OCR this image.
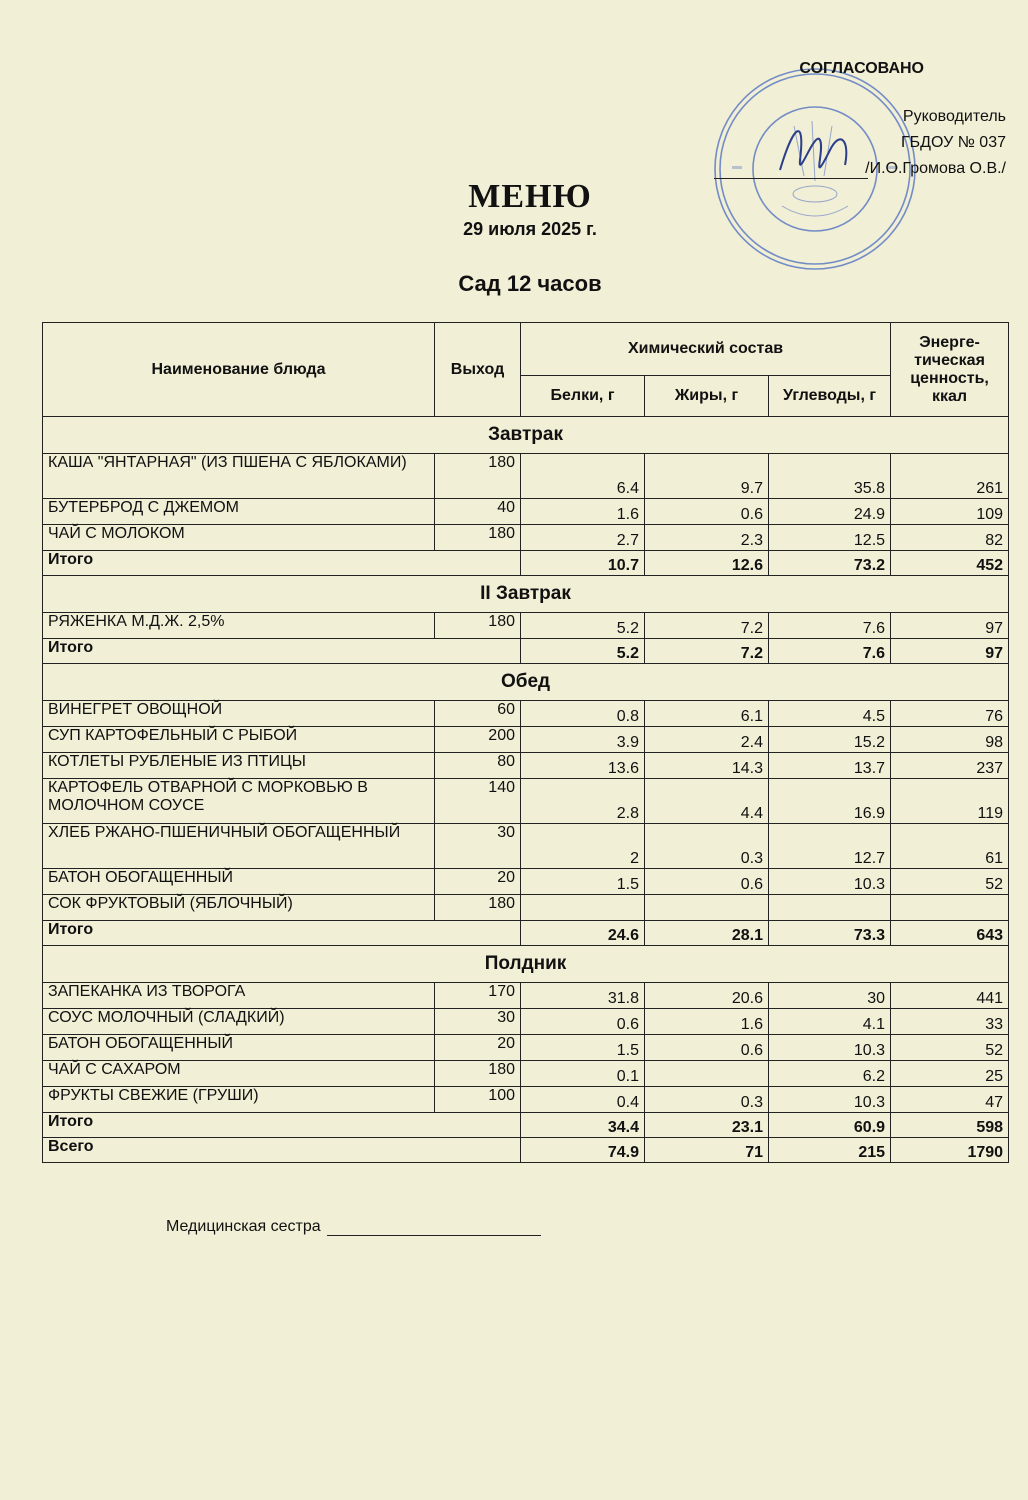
СОГЛАСОВАНО
Руководитель
ГБДОУ № 037
/И.О.Громова О.В./
МЕНЮ
29 июля 2025 г.
Сад 12 часов
Наименование блюда	Выход	Химический состав			Энерге-тическая ценность, ккал
		Белки, г	Жиры, г	Углеводы, г	
Завтрак					
КАША "ЯНТАРНАЯ" (ИЗ ПШЕНА С ЯБЛОКАМИ)	180	6.4	9.7	35.8	261
БУТЕРБРОД С ДЖЕМОМ	40	1.6	0.6	24.9	109
ЧАЙ С МОЛОКОМ	180	2.7	2.3	12.5	82
Итого		10.7	12.6	73.2	452
II Завтрак					
РЯЖЕНКА М.Д.Ж. 2,5%	180	5.2	7.2	7.6	97
Итого		5.2	7.2	7.6	97
Обед					
ВИНЕГРЕТ ОВОЩНОЙ	60	0.8	6.1	4.5	76
СУП КАРТОФЕЛЬНЫЙ С РЫБОЙ	200	3.9	2.4	15.2	98
КОТЛЕТЫ РУБЛЕНЫЕ ИЗ ПТИЦЫ	80	13.6	14.3	13.7	237
КАРТОФЕЛЬ ОТВАРНОЙ С МОРКОВЬЮ В МОЛОЧНОМ СОУСЕ	140	2.8	4.4	16.9	119
ХЛЕБ РЖАНО-ПШЕНИЧНЫЙ ОБОГАЩЕННЫЙ	30	2	0.3	12.7	61
БАТОН ОБОГАЩЕННЫЙ	20	1.5	0.6	10.3	52
СОК ФРУКТОВЫЙ (ЯБЛОЧНЫЙ)	180				
Итого		24.6	28.1	73.3	643
Полдник					
ЗАПЕКАНКА ИЗ ТВОРОГА	170	31.8	20.6	30	441
СОУС МОЛОЧНЫЙ (СЛАДКИЙ)	30	0.6	1.6	4.1	33
БАТОН ОБОГАЩЕННЫЙ	20	1.5	0.6	10.3	52
ЧАЙ С САХАРОМ	180	0.1		6.2	25
ФРУКТЫ СВЕЖИЕ (ГРУШИ)	100	0.4	0.3	10.3	47
Итого		34.4	23.1	60.9	598
Всего		74.9	71	215	1790
Медицинская сестра
